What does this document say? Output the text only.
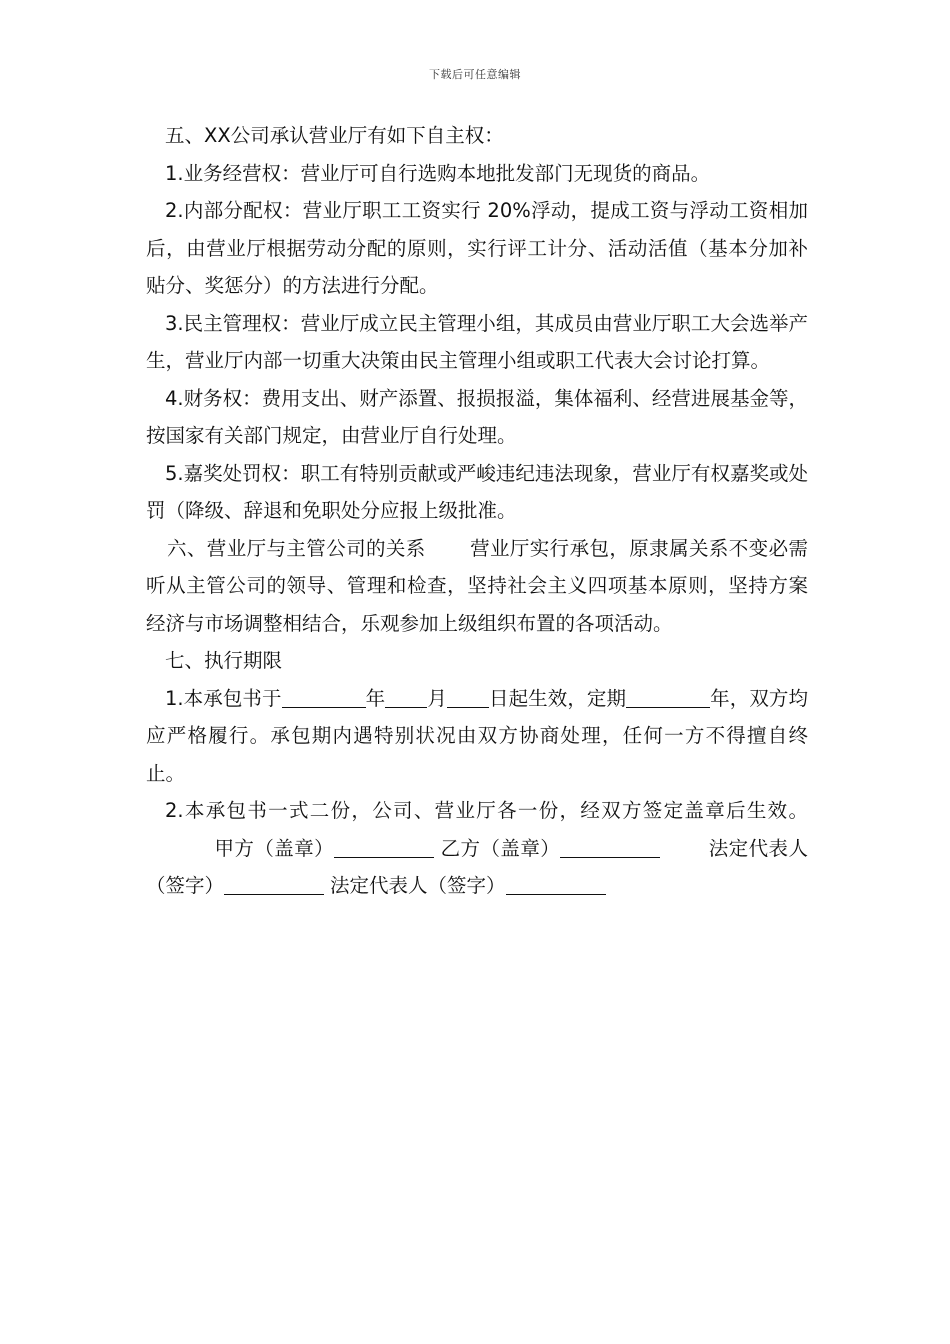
下载后可任意编辑

五、XX公司承认营业厅有如下自主权：

1.业务经营权：营业厅可自行选购本地批发部门无现货的商品。

2.内部分配权：营业厅职工工资实行 20%浮动，提成工资与浮动工资相加后，由营业厅根据劳动分配的原则，实行评工计分、活动活值（基本分加补贴分、奖惩分）的方法进行分配。

3.民主管理权：营业厅成立民主管理小组，其成员由营业厅职工大会选举产生，营业厅内部一切重大决策由民主管理小组或职工代表大会讨论打算。

4.财务权：费用支出、财产添置、报损报溢，集体福利、经营进展基金等，按国家有关部门规定，由营业厅自行处理。

5.嘉奖处罚权：职工有特别贡献或严峻违纪违法现象，营业厅有权嘉奖或处罚（降级、辞退和免职处分应报上级批准。

六、营业厅与主管公司的关系 营业厅实行承包，原隶属关系不变必需听从主管公司的领导、管理和检查，坚持社会主义四项基本原则，坚持方案经济与市场调整相结合，乐观参加上级组织布置的各项活动。

七、执行期限

1.本承包书于	年 月 日起生效，定期	年，双方均应严格履行。承包期内遇特别状况由双方协商处理，任何一方不得擅自终止。

2.本承包书一式二份，公司、营业厅各一份，经双方签定盖章后生效。甲方（盖章）	乙方（盖章）	法定代表人（签字）	法定代表人（签字）
